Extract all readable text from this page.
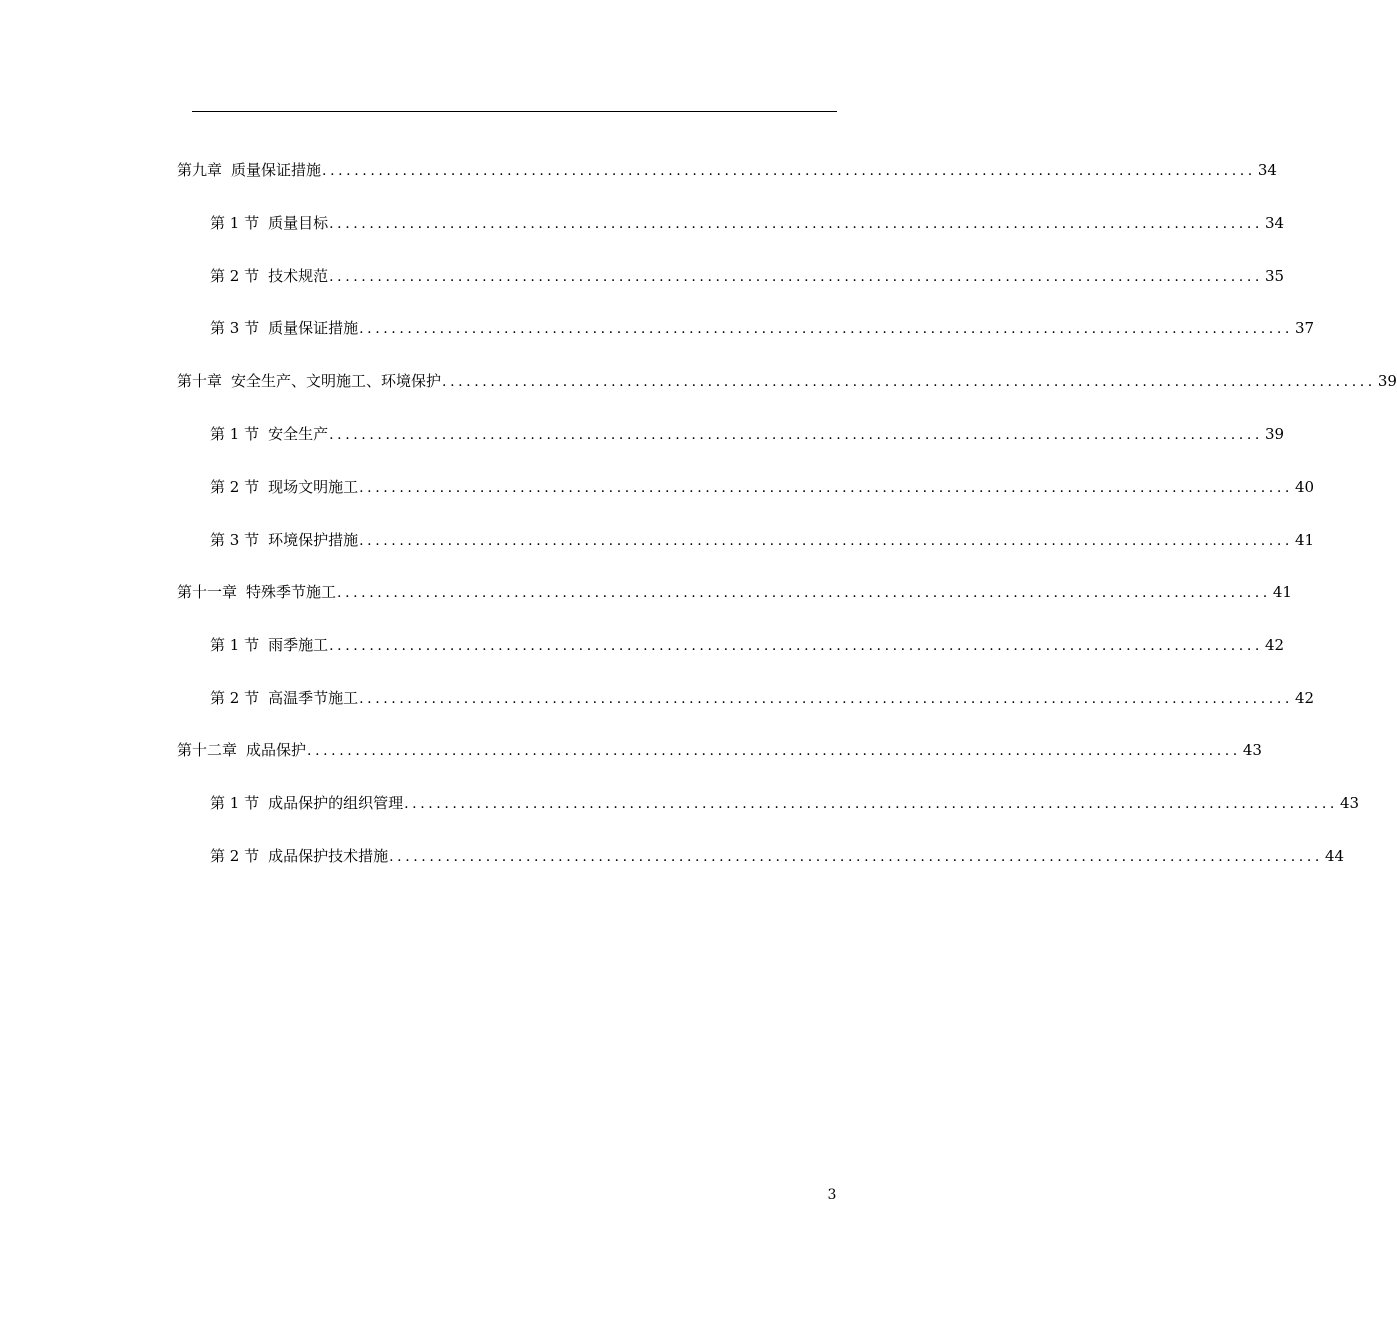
第九章 质量保证措施 .................................................................................................................... 34
第 1 节 质量目标 .................................................................................................................... 34
第 2 节 技术规范 .................................................................................................................... 35
第 3 节 质量保证措施 .................................................................................................................... 37
第十章 安全生产、文明施工、环境保护 .................................................................................................................... 39
第 1 节 安全生产 .................................................................................................................... 39
第 2 节 现场文明施工 .................................................................................................................... 40
第 3 节 环境保护措施 .................................................................................................................... 41
第十一章 特殊季节施工 .................................................................................................................... 41
第 1 节 雨季施工 .................................................................................................................... 42
第 2 节 高温季节施工 .................................................................................................................... 42
第十二章 成品保护 .................................................................................................................... 43
第 1 节 成品保护的组织管理 .................................................................................................................... 43
第 2 节 成品保护技术措施 .................................................................................................................... 44
3
